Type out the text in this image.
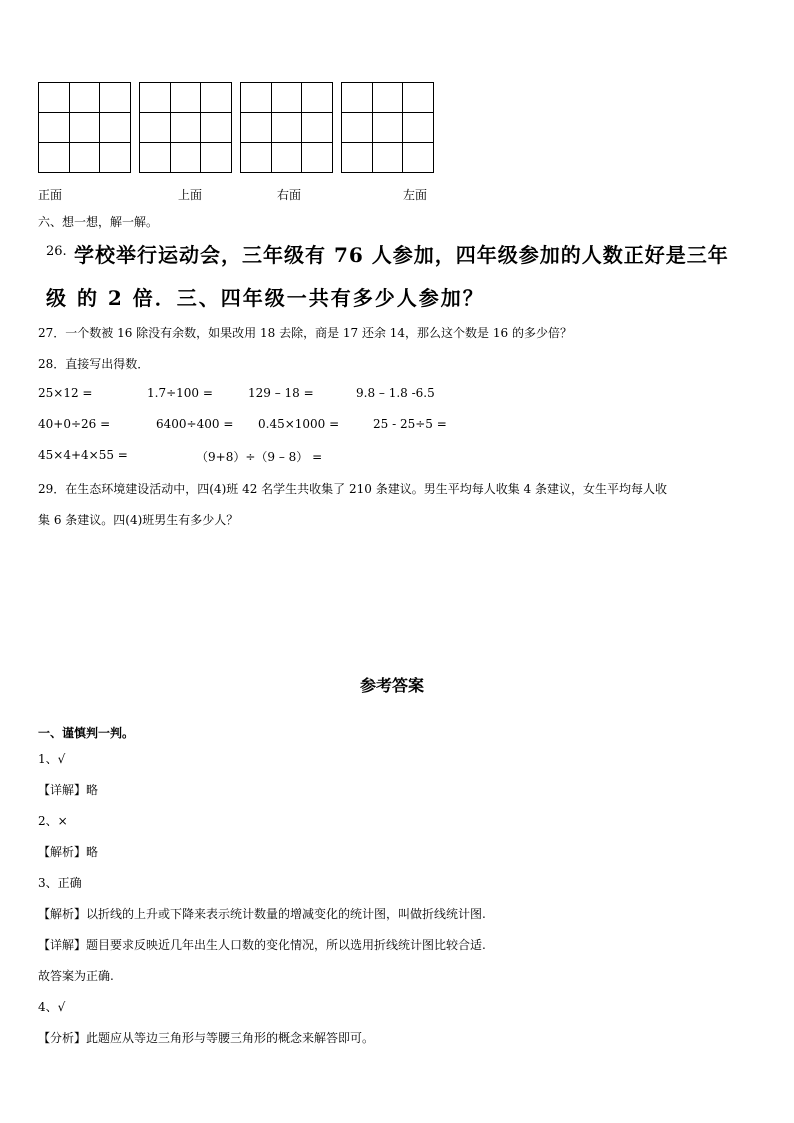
正面	上面	右面	左面
六、想一想，解一解。
26. 学校举行运动会，三年级有 76 人参加，四年级参加的人数正好是三年
级 的 2 倍．三、四年级一共有多少人参加？
27．一个数被 16 除没有余数，如果改用 18 去除，商是 17 还余 14，那么这个数是 16 的多少倍？
28．直接写出得数．
25×12 =	1.7÷100 =	129 – 18 =	9.8 – 1.8 -6.5
40+0÷26 =	6400÷400 = 0.45×1000 =	25 - 25÷5 =
45×4+4×55 =	（9+8）÷（9 – 8） =
29．在生态环境建设活动中，四(4)班 42 名学生共收集了 210 条建议。男生平均每人收集 4 条建议，女生平均每人收
集 6 条建议。四(4)班男生有多少人？
参考答案
一、谨慎判一判。
1、√
【详解】略
2、×
【解析】略
3、正确
【解析】以折线的上升或下降来表示统计数量的增减变化的统计图，叫做折线统计图.
【详解】题目要求反映近几年出生人口数的变化情况，所以选用折线统计图比较合适.
故答案为正确.
4、√
【分析】此题应从等边三角形与等腰三角形的概念来解答即可。
